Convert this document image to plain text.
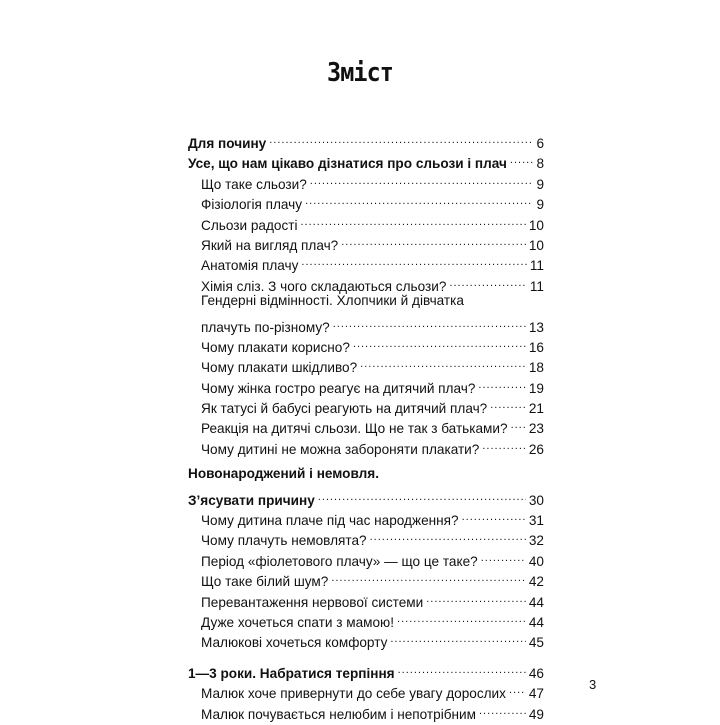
Зміст
Для почину .....	6
Усе, що нам цікаво дізнатися про сльози і плач ..... 8
Що таке сльози? .....	9
Фізіологія плачу .....	9
Сльози радості .....	10
Який на вигляд плач? .....	10
Анатомія плачу .....	11
Хімія сліз. З чого складаються сльози? .....	11
Гендерні відмінності. Хлопчики й дівчатка
плачуть по-різному? .....	13
Чому плакати корисно? .....	16
Чому плакати шкідливо? .....	18
Чому жінка гостро реагує на дитячий плач? .....	19
Як татусі й бабусі реагують на дитячий плач? .....	21
Реакція на дитячі сльози. Що не так з батьками? ..... 23
Чому дитині не можна забороняти плакати? .....	26
Новонароджений і немовля.
З’ясувати причину .....	30
Чому дитина плаче під час народження? .....	31
Чому плачуть немовлята? .....	32
Період «фіолетового плачу» — що це таке? .....	40
Що таке білий шум? .....	42
Перевантаження нервової системи .....	44
Дуже хочеться спати з мамою! .....	44
Малюкові хочеться комфорту .....	45
1—3 роки. Набратися терпіння .....	46
Малюк хоче привернути до себе увагу дорослих ..... 47
Малюк почувається нелюбим і непотрібним .....	49
3
